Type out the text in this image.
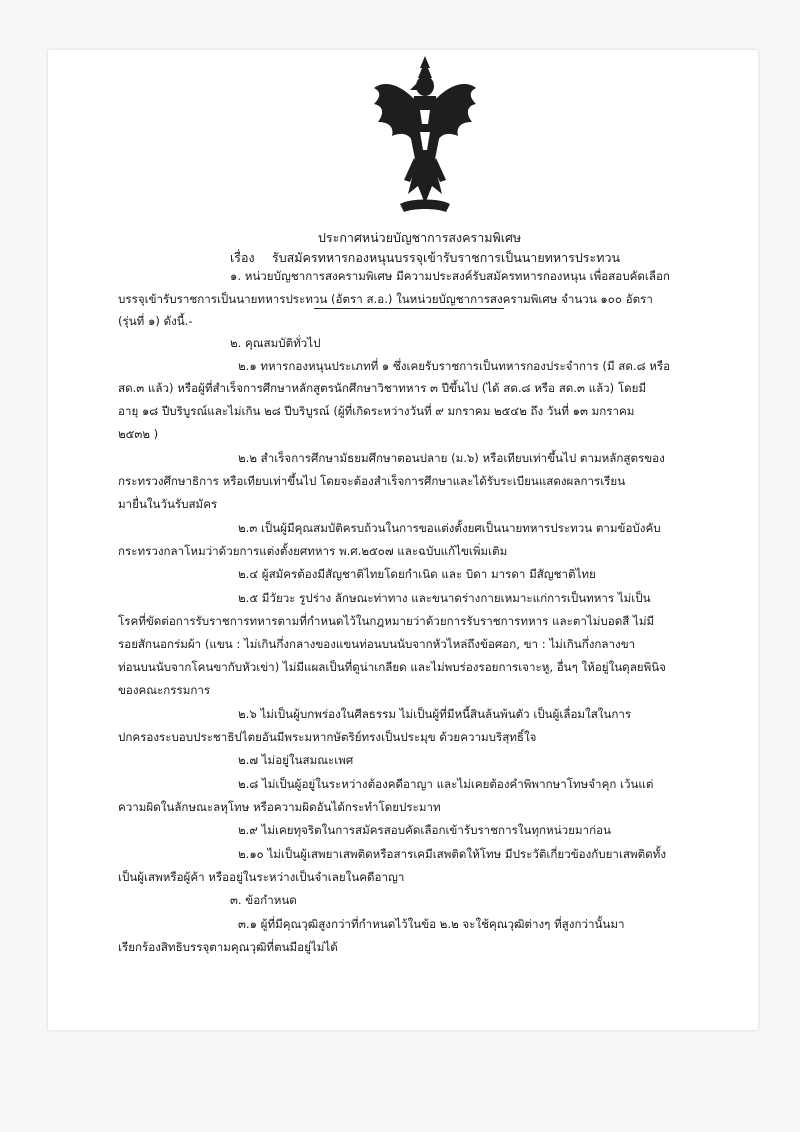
ประกาศหน่วยบัญชาการสงครามพิเศษ
เรื่อง รับสมัครทหารกองหนุนบรรจุเข้ารับราชการเป็นนายทหารประทวน
๑. หน่วยบัญชาการสงครามพิเศษ มีความประสงค์รับสมัครทหารกองหนุน เพื่อสอบคัดเลือก
บรรจุเข้ารับราชการเป็นนายทหารประทวน (อัตรา ส.อ.) ในหน่วยบัญชาการสงครามพิเศษ จำนวน ๑๐๐ อัตรา
(รุ่นที่ ๑) ดังนี้.-
๒. คุณสมบัติทั่วไป
๒.๑ ทหารกองหนุนประเภทที่ ๑ ซึ่งเคยรับราชการเป็นทหารกองประจำการ (มี สด.๘ หรือ
สด.๓ แล้ว) หรือผู้ที่สำเร็จการศึกษาหลักสูตรนักศึกษาวิชาทหาร ๓ ปีขึ้นไป (ได้ สด.๘ หรือ สด.๓ แล้ว) โดยมี
อายุ ๑๘ ปีบริบูรณ์และไม่เกิน ๒๘ ปีบริบูรณ์ (ผู้ที่เกิดระหว่างวันที่ ๙ มกราคม ๒๕๔๒ ถึง วันที่ ๑๓ มกราคม
๒๕๓๒ )
๒.๒ สำเร็จการศึกษามัธยมศึกษาตอนปลาย (ม.๖) หรือเทียบเท่าขึ้นไป ตามหลักสูตรของ
กระทรวงศึกษาธิการ หรือเทียบเท่าขึ้นไป โดยจะต้องสำเร็จการศึกษาและได้รับระเบียนแสดงผลการเรียน
มายื่นในวันรับสมัคร
๒.๓ เป็นผู้มีคุณสมบัติครบถ้วนในการขอแต่งตั้งยศเป็นนายทหารประทวน ตามข้อบังคับ
กระทรวงกลาโหมว่าด้วยการแต่งตั้งยศทหาร พ.ศ.๒๕๐๗ และฉบับแก้ไขเพิ่มเติม
๒.๔ ผู้สมัครต้องมีสัญชาติไทยโดยกำเนิด และ บิดา มารดา มีสัญชาติไทย
๒.๕ มีวัยวะ รูปร่าง ลักษณะท่าทาง และขนาดร่างกายเหมาะแก่การเป็นทหาร ไม่เป็น
โรคที่ขัดต่อการรับราชการทหารตามที่กำหนดไว้ในกฎหมายว่าด้วยการรับราชการทหาร และตาไม่บอดสี ไม่มี
รอยสักนอกร่มผ้า (แขน : ไม่เกินกึ่งกลางของแขนท่อนบนนับจากหัวไหล่ถึงข้อศอก, ขา : ไม่เกินกึ่งกลางขา
ท่อนบนนับจากโคนขากับหัวเข่า) ไม่มีแผลเป็นที่ดูน่าเกลียด และไม่พบร่องรอยการเจาะหู, อื่นๆ ให้อยู่ในดุลยพินิจ
ของคณะกรรมการ
๒.๖ ไม่เป็นผู้บกพร่องในศีลธรรม ไม่เป็นผู้ที่มีหนี้สินล้นพ้นตัว เป็นผู้เลื่อมใสในการ
ปกครองระบอบประชาธิปไตยอันมีพระมหากษัตริย์ทรงเป็นประมุข ด้วยความบริสุทธิ์ใจ
๒.๗ ไม่อยู่ในสมณะเพศ
๒.๘ ไม่เป็นผู้อยู่ในระหว่างต้องคดีอาญา และไม่เคยต้องคำพิพากษาโทษจำคุก เว้นแต่
ความผิดในลักษณะลหุโทษ หรือความผิดอันได้กระทำโดยประมาท
๒.๙ ไม่เคยทุจริตในการสมัครสอบคัดเลือกเข้ารับราชการในทุกหน่วยมาก่อน
๒.๑๐ ไม่เป็นผู้เสพยาเสพติดหรือสารเคมีเสพติดให้โทษ มีประวัติเกี่ยวข้องกับยาเสพติดทั้ง
เป็นผู้เสพหรือผู้ค้า หรืออยู่ในระหว่างเป็นจำเลยในคดีอาญา
๓. ข้อกำหนด
๓.๑ ผู้ที่มีคุณวุฒิสูงกว่าที่กำหนดไว้ในข้อ ๒.๒ จะใช้คุณวุฒิต่างๆ ที่สูงกว่านั้นมา
เรียกร้องสิทธิบรรจุตามคุณวุฒิที่ตนมีอยู่ไม่ได้
